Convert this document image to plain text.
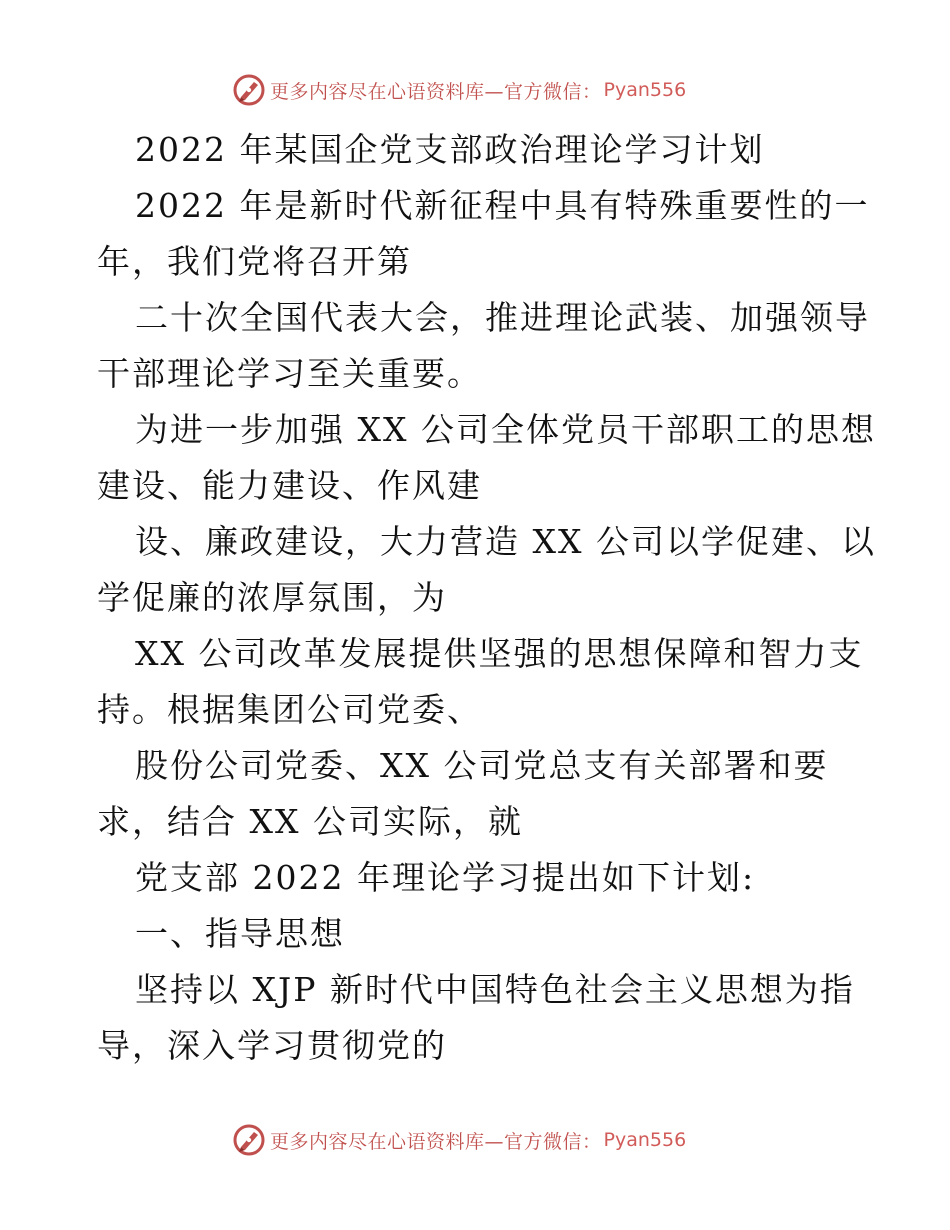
更多内容尽在心语资料库—官方微信： Pyan556
2022 年某国企党支部政治理论学习计划
2022 年是新时代新征程中具有特殊重要性的一
年，我们党将召开第
二十次全国代表大会，推进理论武装、加强领导
干部理论学习至关重要。
为进一步加强 XX 公司全体党员干部职工的思想
建设、能力建设、作风建
设、廉政建设，大力营造 XX 公司以学促建、以
学促廉的浓厚氛围，为
XX 公司改革发展提供坚强的思想保障和智力支
持。根据集团公司党委、
股份公司党委、XX 公司党总支有关部署和要
求，结合 XX 公司实际，就
党支部 2022 年理论学习提出如下计划:
一、指导思想
坚持以 XJP 新时代中国特色社会主义思想为指
导，深入学习贯彻党的
更多内容尽在心语资料库—官方微信： Pyan556
